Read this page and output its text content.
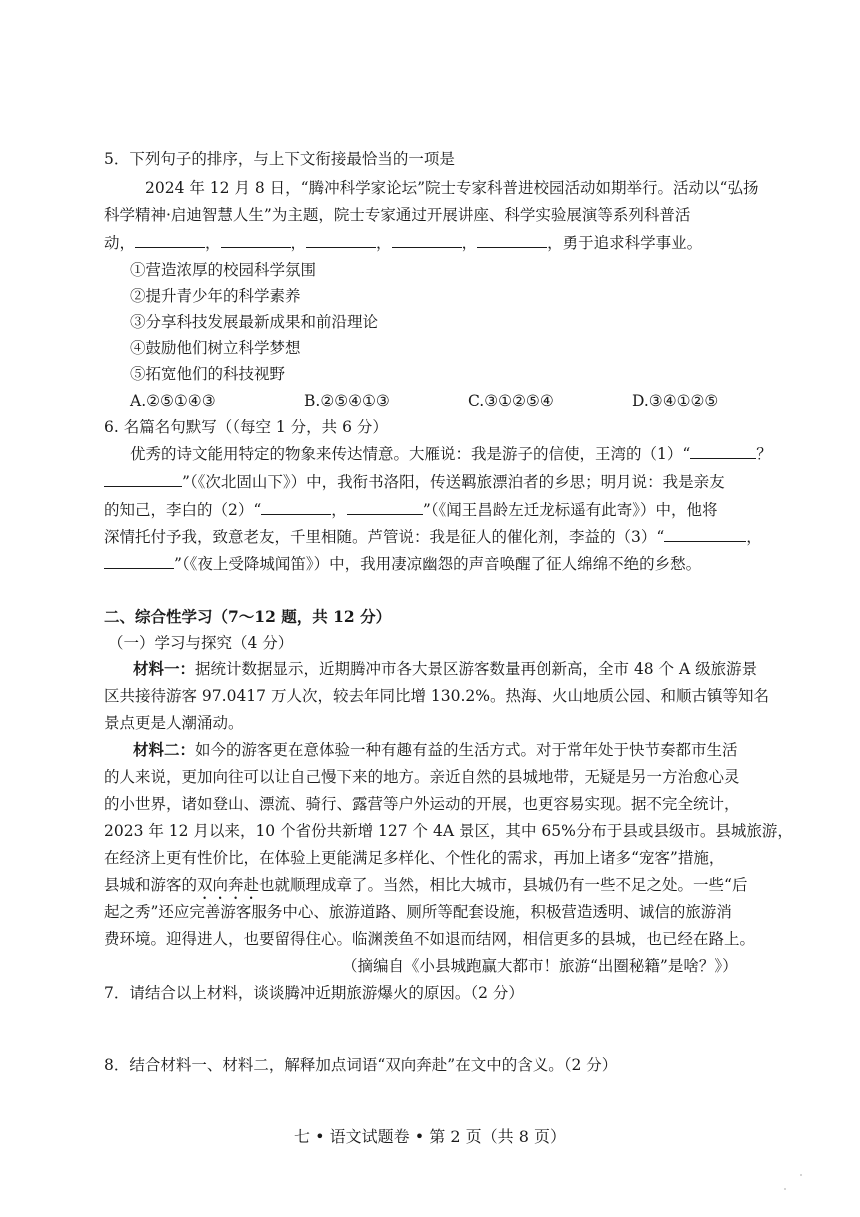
5．下列句子的排序，与上下文衔接最恰当的一项是
2024 年 12 月 8 日，“腾冲科学家论坛”院士专家科普进校园活动如期举行。活动以“弘扬
科学精神·启迪智慧人生”为主题，院士专家通过开展讲座、科学实验展演等系列科普活
动，	，	，	，	，	，勇于追求科学事业。
①营造浓厚的校园科学氛围
②提升青少年的科学素养
③分享科技发展最新成果和前沿理论
④鼓励他们树立科学梦想
⑤拓宽他们的科技视野
A.②⑤①④③	B.②⑤④①③	C.③①②⑤④	D.③④①②⑤
6. 名篇名句默写（（每空 1 分，共 6 分）
优秀的诗文能用特定的物象来传达情意。大雁说：我是游子的信使，王湾的（1）“	？
”（《次北固山下》）中，我衔书洛阳，传送羁旅漂泊者的乡思；明月说：我是亲友
的知己，李白的（2）“	，	”（《闻王昌龄左迁龙标遥有此寄》）中，他将
深情托付予我，致意老友，千里相随。芦管说：我是征人的催化剂，李益的（3）“	，
”（《夜上受降城闻笛》）中，我用凄凉幽怨的声音唤醒了征人绵绵不绝的乡愁。
二、综合性学习（7～12 题，共 12 分）
（一）学习与探究（4 分）
材料一：据统计数据显示，近期腾冲市各大景区游客数量再创新高，全市 48 个 A 级旅游景
区共接待游客 97.0417 万人次，较去年同比增 130.2%。热海、火山地质公园、和顺古镇等知名
景点更是人潮涌动。
材料二：如今的游客更在意体验一种有趣有益的生活方式。对于常年处于快节奏都市生活
的人来说，更加向往可以让自己慢下来的地方。亲近自然的县城地带，无疑是另一方治愈心灵
的小世界，诸如登山、漂流、骑行、露营等户外运动的开展，也更容易实现。据不完全统计，
2023 年 12 月以来，10 个省份共新增 127 个 4A 景区，其中 65%分布于县或县级市。县城旅游，
在经济上更有性价比，在体验上更能满足多样化、个性化的需求，再加上诸多“宠客”措施，
县城和游客的双向奔赴也就顺理成章了。当然，相比大城市，县城仍有一些不足之处。一些“后
起之秀”还应完善游客服务中心、旅游道路、厕所等配套设施，积极营造透明、诚信的旅游消
费环境。迎得进人，也要留得住心。临渊羡鱼不如退而结网，相信更多的县城，也已经在路上。
（摘编自《小县城跑赢大都市！旅游“出圈秘籍”是啥？》）
7．请结合以上材料，谈谈腾冲近期旅游爆火的原因。（2 分）
8．结合材料一、材料二，解释加点词语“双向奔赴”在文中的含义。（2 分）
七 • 语文试题卷 • 第 2 页（共 8 页）
